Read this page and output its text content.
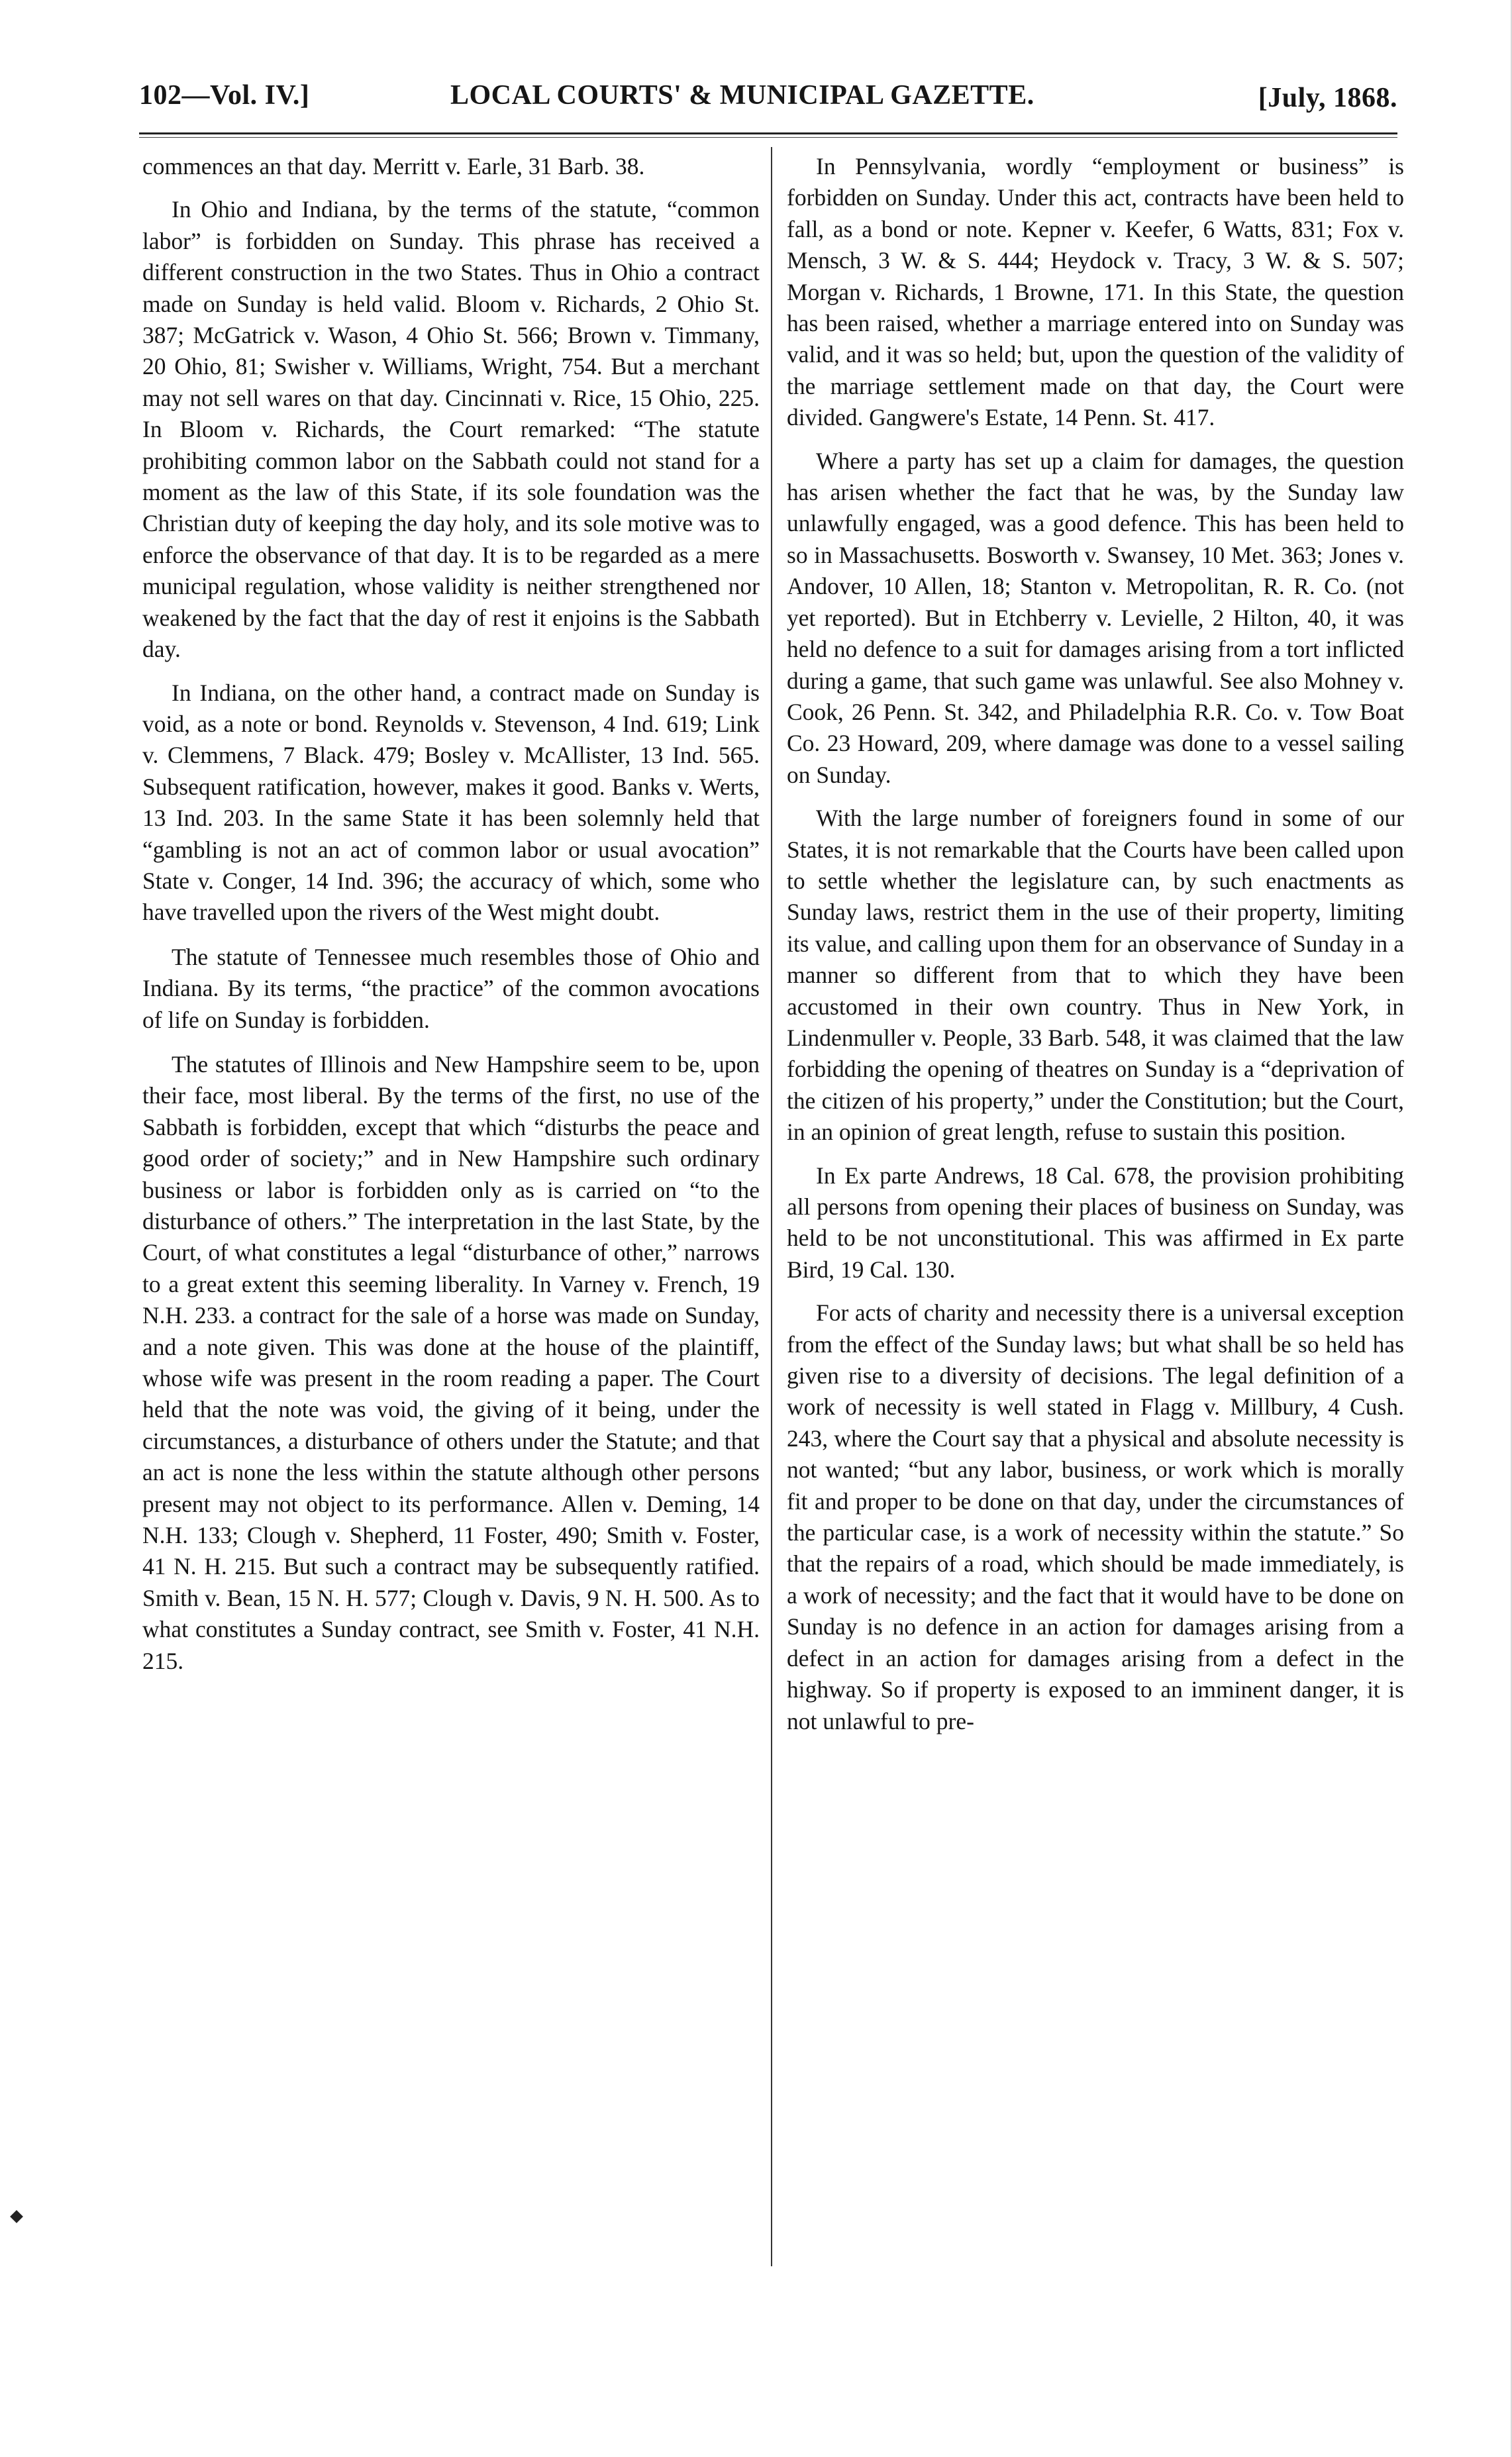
102—Vol. IV.]	LOCAL COURTS' & MUNICIPAL GAZETTE.	[July, 1868.

commences an that day. Merritt v. Earle, 31 Barb. 38.

In Ohio and Indiana, by the terms of the statute, “common labor” is forbidden on Sunday. This phrase has received a different construction in the two States. Thus in Ohio a contract made on Sunday is held valid. Bloom v. Richards, 2 Ohio St. 387; McGatrick v. Wason, 4 Ohio St. 566; Brown v. Timmany, 20 Ohio, 81; Swisher v. Williams, Wright, 754. But a merchant may not sell wares on that day. Cincinnati v. Rice, 15 Ohio, 225. In Bloom v. Richards, the Court remarked: “The statute prohibiting common labor on the Sabbath could not stand for a moment as the law of this State, if its sole foundation was the Christian duty of keeping the day holy, and its sole motive was to enforce the observance of that day. It is to be regarded as a mere municipal regulation, whose validity is neither strengthened nor weakened by the fact that the day of rest it enjoins is the Sabbath day.

In Indiana, on the other hand, a contract made on Sunday is void, as a note or bond. Reynolds v. Stevenson, 4 Ind. 619; Link v. Clemmens, 7 Black. 479; Bosley v. McAllister, 13 Ind. 565. Subsequent ratification, however, makes it good. Banks v. Werts, 13 Ind. 203. In the same State it has been solemnly held that “gambling is not an act of common labor or usual avocation” State v. Conger, 14 Ind. 396; the accuracy of which, some who have travelled upon the rivers of the West might doubt.

The statute of Tennessee much resembles those of Ohio and Indiana. By its terms, “the practice” of the common avocations of life on Sunday is forbidden.

The statutes of Illinois and New Hampshire seem to be, upon their face, most liberal. By the terms of the first, no use of the Sabbath is forbidden, except that which “disturbs the peace and good order of society;” and in New Hampshire such ordinary business or labor is forbidden only as is carried on “to the disturbance of others.” The interpretation in the last State, by the Court, of what constitutes a legal “disturbance of other,” narrows to a great extent this seeming liberality. In Varney v. French, 19 N.H. 233. a contract for the sale of a horse was made on Sunday, and a note given. This was done at the house of the plaintiff, whose wife was present in the room reading a paper. The Court held that the note was void, the giving of it being, under the circumstances, a disturbance of others under the Statute; and that an act is none the less within the statute although other persons present may not object to its performance. Allen v. Deming, 14 N.H. 133; Clough v. Shepherd, 11 Foster, 490; Smith v. Foster, 41 N. H. 215. But such a contract may be subsequently ratified. Smith v. Bean, 15 N. H. 577; Clough v. Davis, 9 N. H. 500. As to what constitutes a Sunday contract, see Smith v. Foster, 41 N.H. 215.

In Pennsylvania, wordly “employment or business” is forbidden on Sunday. Under this act, contracts have been held to fall, as a bond or note. Kepner v. Keefer, 6 Watts, 831; Fox v. Mensch, 3 W. & S. 444; Heydock v. Tracy, 3 W. & S. 507; Morgan v. Richards, 1 Browne, 171. In this State, the question has been raised, whether a marriage entered into on Sunday was valid, and it was so held; but, upon the question of the validity of the marriage settlement made on that day, the Court were divided. Gangwere's Estate, 14 Penn. St. 417.

Where a party has set up a claim for damages, the question has arisen whether the fact that he was, by the Sunday law unlawfully engaged, was a good defence. This has been held to so in Massachusetts. Bosworth v. Swansey, 10 Met. 363; Jones v. Andover, 10 Allen, 18; Stanton v. Metropolitan, R. R. Co. (not yet reported). But in Etchberry v. Levielle, 2 Hilton, 40, it was held no defence to a suit for damages arising from a tort inflicted during a game, that such game was unlawful. See also Mohney v. Cook, 26 Penn. St. 342, and Philadelphia R.R. Co. v. Tow Boat Co. 23 Howard, 209, where damage was done to a vessel sailing on Sunday.

With the large number of foreigners found in some of our States, it is not remarkable that the Courts have been called upon to settle whether the legislature can, by such enactments as Sunday laws, restrict them in the use of their property, limiting its value, and calling upon them for an observance of Sunday in a manner so different from that to which they have been accustomed in their own country. Thus in New York, in Lindenmuller v. People, 33 Barb. 548, it was claimed that the law forbidding the opening of theatres on Sunday is a “deprivation of the citizen of his property,” under the Constitution; but the Court, in an opinion of great length, refuse to sustain this position.

In Ex parte Andrews, 18 Cal. 678, the provision prohibiting all persons from opening their places of business on Sunday, was held to be not unconstitutional. This was affirmed in Ex parte Bird, 19 Cal. 130.

For acts of charity and necessity there is a universal exception from the effect of the Sunday laws; but what shall be so held has given rise to a diversity of decisions. The legal definition of a work of necessity is well stated in Flagg v. Millbury, 4 Cush. 243, where the Court say that a physical and absolute necessity is not wanted; “but any labor, business, or work which is morally fit and proper to be done on that day, under the circumstances of the particular case, is a work of necessity within the statute.” So that the repairs of a road, which should be made immediately, is a work of necessity; and the fact that it would have to be done on Sunday is no defence in an action for damages arising from a defect in an action for damages arising from a defect in the highway. So if property is exposed to an imminent danger, it is not unlawful to pre-
